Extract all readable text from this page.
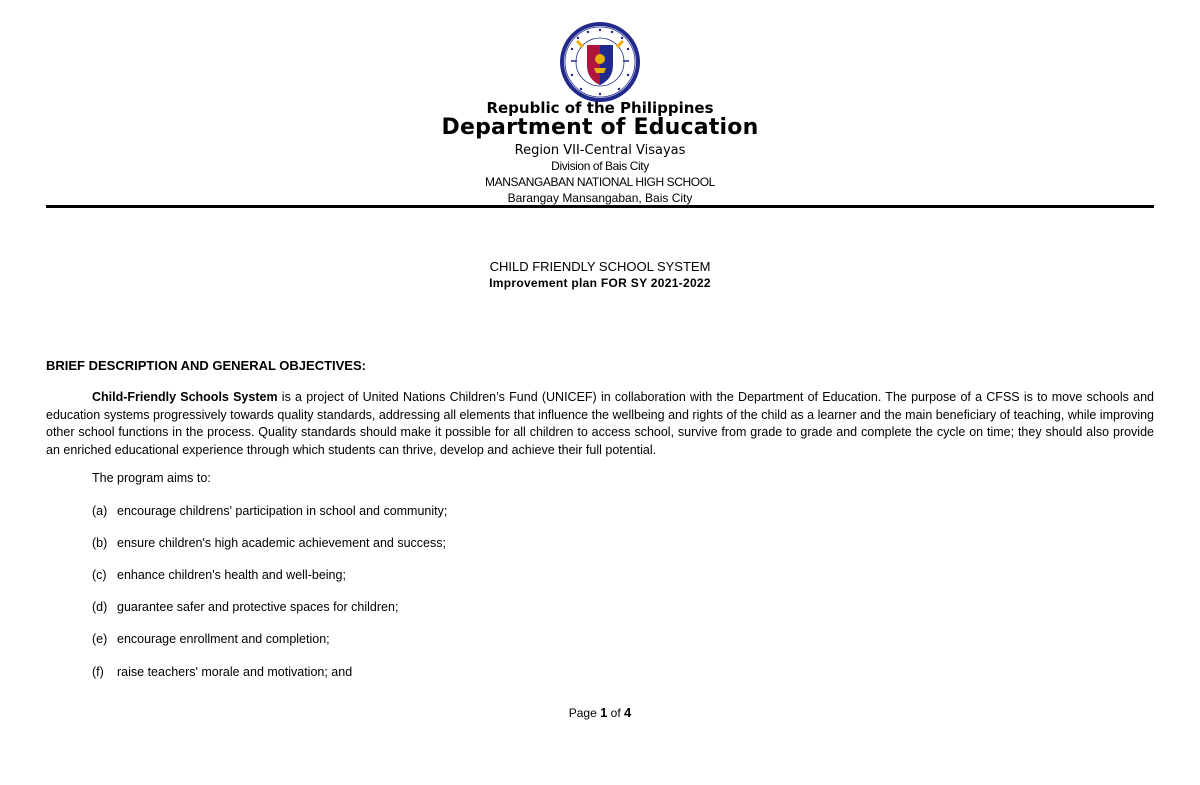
Republic of the Philippines
Department of Education
Region VII-Central Visayas
Division of Bais City
MANSANGABAN NATIONAL HIGH SCHOOL
Barangay Mansangaban, Bais City
CHILD FRIENDLY SCHOOL SYSTEM
Improvement plan FOR SY 2021-2022
BRIEF DESCRIPTION AND GENERAL OBJECTIVES:

Child-Friendly Schools System is a project of United Nations Children’s Fund (UNICEF) in collaboration with the Department of Education. The purpose of a CFSS is to move schools and education systems progressively towards quality standards, addressing all elements that influence the wellbeing and rights of the child as a learner and the main beneficiary of teaching, while improving other school functions in the process. Quality standards should make it possible for all children to access school, survive from grade to grade and complete the cycle on time; they should also provide an enriched educational experience through which students can thrive, develop and achieve their full potential.

The program aims to:
(a) encourage childrens' participation in school and community;
(b) ensure children's high academic achievement and success;
(c) enhance children's health and well-being;
(d) guarantee safer and protective spaces for children;
(e) encourage enrollment and completion;
(f) raise teachers' morale and motivation; and
Page 1 of 4
